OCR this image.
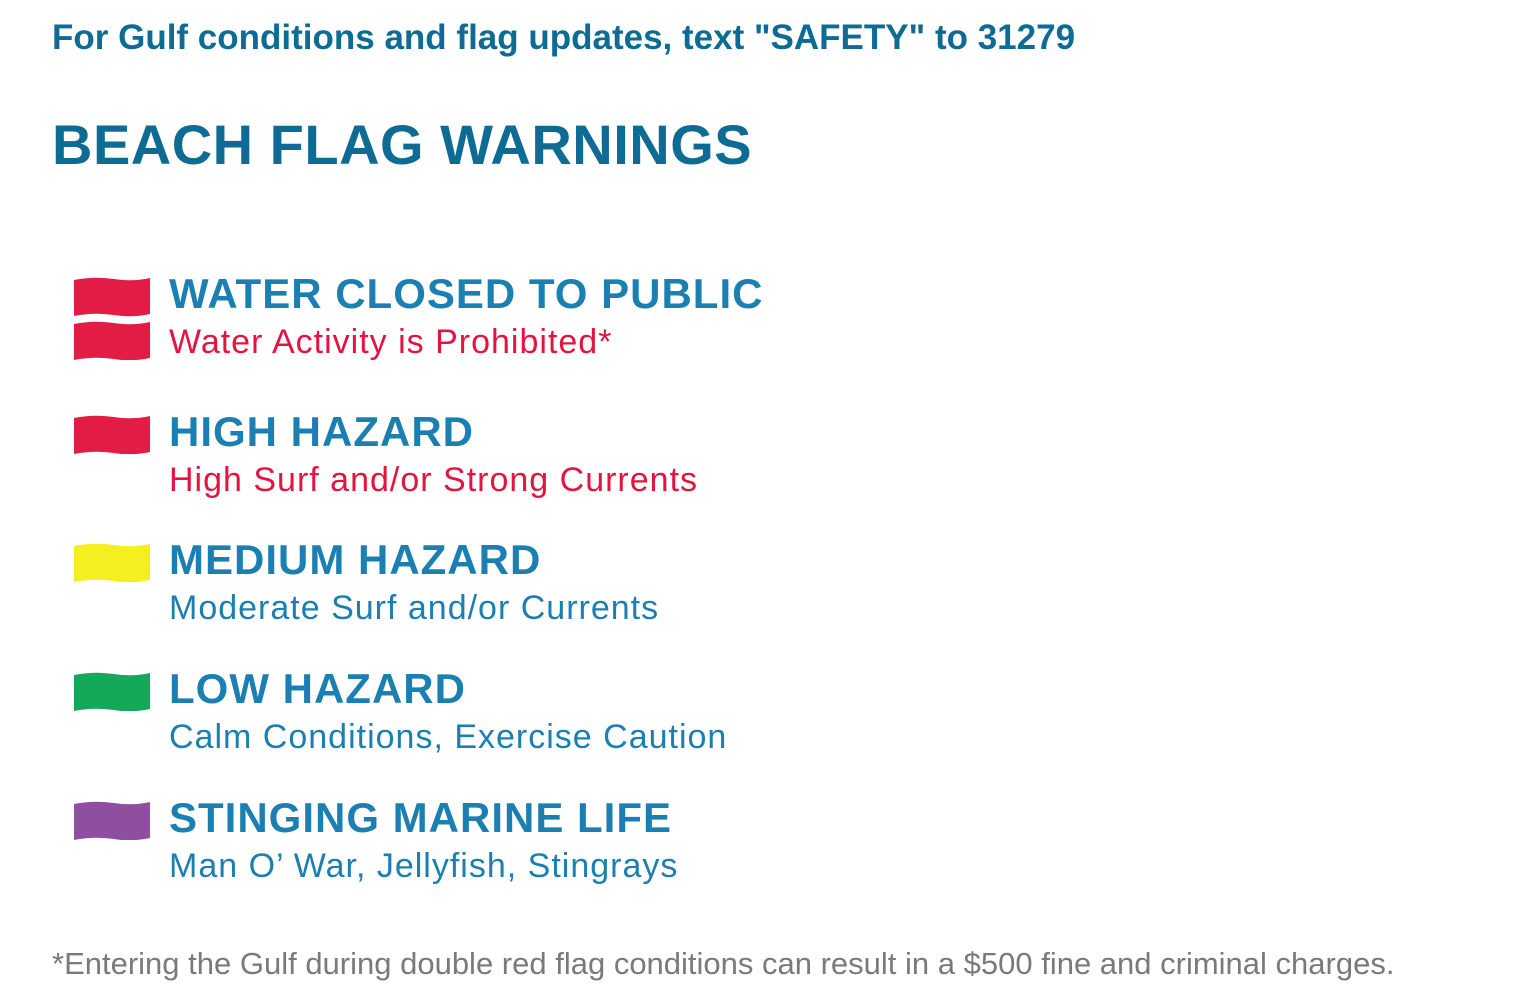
For Gulf conditions and flag updates, text "SAFETY" to 31279
BEACH FLAG WARNINGS
WATER CLOSED TO PUBLIC
Water Activity is Prohibited*
HIGH HAZARD
High Surf and/or Strong Currents
MEDIUM HAZARD
Moderate Surf and/or Currents
LOW HAZARD
Calm Conditions, Exercise Caution
STINGING MARINE LIFE
Man O’ War, Jellyfish, Stingrays
*Entering the Gulf during double red flag conditions can result in a $500 fine and criminal charges.
